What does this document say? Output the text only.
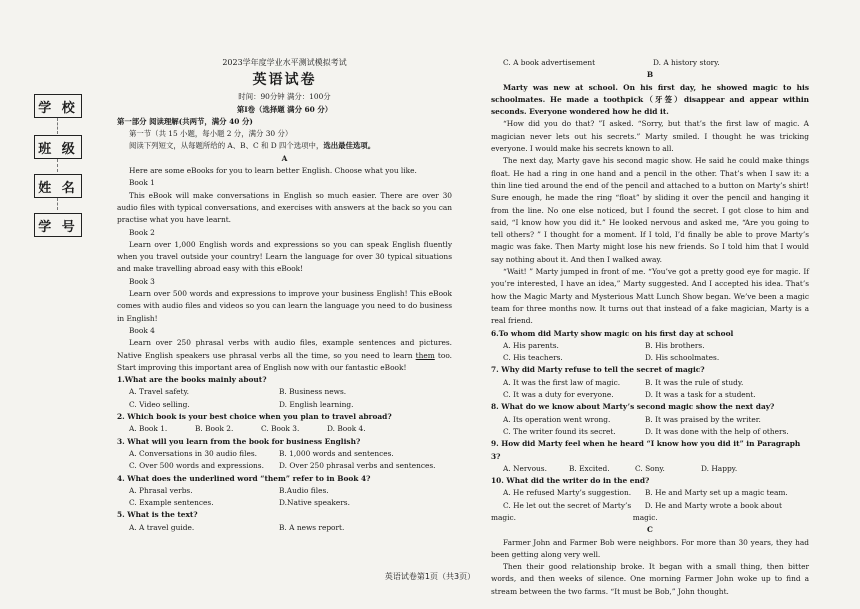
学 校
班 级
姓 名
学 号

2023学年度学业水平测试模拟考试

英语试卷

时间：90分钟 满分：100分

第Ⅰ卷（选择题 满分 60 分）

第一部分 阅读理解(共两节，满分 40 分)

第一节（共 15 小题，每小题 2 分，满分 30 分）

阅读下列短文，从每题所给的 A、B、C 和 D 四个选项中，选出最佳选项。

A

Here are some eBooks for you to learn better English. Choose what you like.

Book 1

This eBook will make conversations in English so much easier. There are over 30 audio files with typical conversations, and exercises with answers at the back so you can practise what you have learnt.

Book 2

Learn over 1,000 English words and expressions so you can speak English fluently when you travel outside your country! Learn the language for over 30 typical situations and make travelling abroad easy with this eBook!

Book 3

Learn over 500 words and expressions to improve your business English! This eBook comes with audio files and videos so you can learn the language you need to do business in English!

Book 4

Learn over 250 phrasal verbs with audio files, example sentences and pictures. Native English speakers use phrasal verbs all the time, so you need to learn them too. Start improving this important area of English now with our fantastic eBook!

1.What are the books mainly about?

A. Travel safety.	B. Business news.
C. Video selling.	D. English learning.

2. Which book is your best choice when you plan to travel abroad?

A. Book 1.	B. Book 2.	C. Book 3.	D. Book 4.

3. What will you learn from the book for business English?

A. Conversations in 30 audio files.	B. 1,000 words and sentences.
C. Over 500 words and expressions.	D. Over 250 phrasal verbs and sentences.

4. What does the underlined word “them” refer to in Book 4?

A. Phrasal verbs.	B.Audio files.
C. Example sentences.	D.Native speakers.

5. What is the text?

A. A travel guide.	B. A news report.
C. A book advertisement	D. A history story.

B

Marty was new at school. On his first day, he showed magic to his schoolmates. He made a toothpick（牙签）disappear and appear within seconds. Everyone wondered how he did it.

“How did you do that? ”I asked. “Sorry, but that’s the first law of magic. A magician never lets out his secrets.” Marty smiled. I thought he was tricking everyone. I would make his secrets known to all.

The next day, Marty gave his second magic show. He said he could make things float. He had a ring in one hand and a pencil in the other. That’s when I saw it: a thin line tied around the end of the pencil and attached to a button on Marty’s shirt! Sure enough, he made the ring “float” by sliding it over the pencil and hanging it from the line. No one else noticed, but I found the secret. I got close to him and said, “I know how you did it.” He looked nervous and asked me, “Are you going to tell others? ” I thought for a moment. If I told, I’d finally be able to prove Marty’s magic was fake. Then Marty might lose his new friends. So I told him that I would say nothing about it. And then I walked away.

“Wait! ” Marty jumped in front of me. “You’ve got a pretty good eye for magic. If you’re interested, I have an idea,” Marty suggested. And I accepted his idea. That’s how the Magic Marty and Mysterious Matt Lunch Show began. We’ve been a magic team for three months now. It turns out that instead of a fake magician, Marty is a real friend.

6.To whom did Marty show magic on his first day at school

A. His parents.	B. His brothers.
C. His teachers.	D. His schoolmates.

7. Why did Marty refuse to tell the secret of magic?

A. It was the first law of magic.	B. It was the rule of study.
C. It was a duty for everyone.	D. It was a task for a student.

8. What do we know about Marty’s second magic show the next day?

A. Its operation went wrong.	B. It was praised by the writer.
C. The writer found its secret.	D. It was done with the help of others.

9. How did Marty feel when he heard “I know how you did it” in Paragraph 3?

A. Nervous.	B. Excited.	C. Sony.	D. Happy.

10. What did the writer do in the end?

A. He refused Marty’s suggestion.	B. He and Marty set up a magic team.
C. He let out the secret of Marty’s magic.
D. He and Marty wrote a book about magic.

C

Farmer John and Farmer Bob were neighbors. For more than 30 years, they had been getting along very well.

Then their good relationship broke. It began with a small thing, then bitter words, and then weeks of silence. One morning Farmer John woke up to find a stream between the two farms. “It must be Bob,” John thought.

英语试卷第1页（共3页）
